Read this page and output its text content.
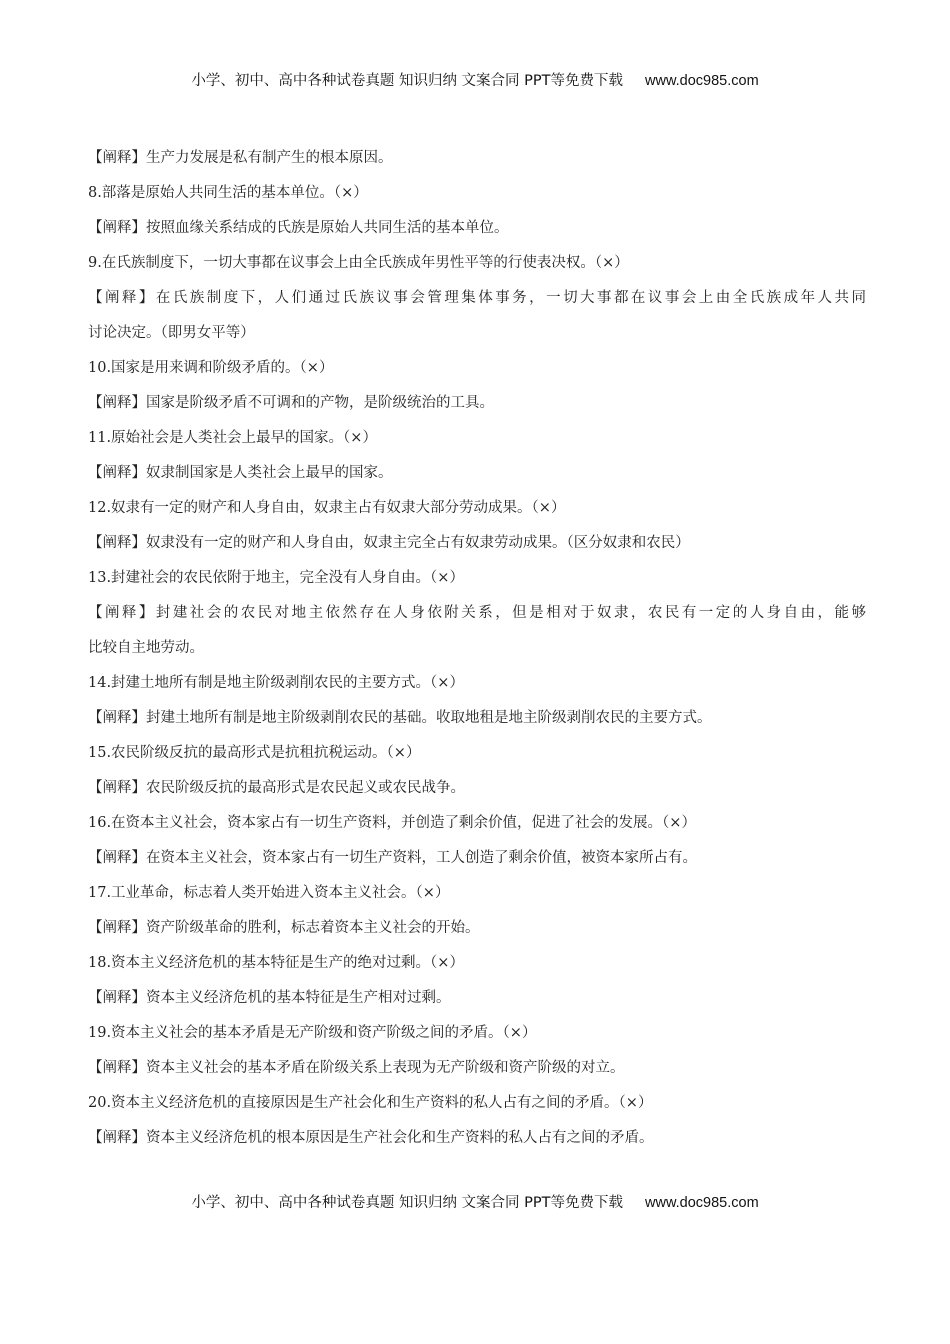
小学、初中、高中各种试卷真题 知识归纳 文案合同 PPT等免费下载 www.doc985.com
【阐释】生产力发展是私有制产生的根本原因。
8.部落是原始人共同生活的基本单位。（×）
【阐释】按照血缘关系结成的氏族是原始人共同生活的基本单位。
9.在氏族制度下，一切大事都在议事会上由全氏族成年男性平等的行使表决权。（×）
【阐释】在氏族制度下，人们通过氏族议事会管理集体事务，一切大事都在议事会上由全氏族成年人共同
讨论决定。（即男女平等）
10.国家是用来调和阶级矛盾的。（×）
【阐释】国家是阶级矛盾不可调和的产物，是阶级统治的工具。
11.原始社会是人类社会上最早的国家。（×）
【阐释】奴隶制国家是人类社会上最早的国家。
12.奴隶有一定的财产和人身自由，奴隶主占有奴隶大部分劳动成果。（×）
【阐释】奴隶没有一定的财产和人身自由，奴隶主完全占有奴隶劳动成果。（区分奴隶和农民）
13.封建社会的农民依附于地主，完全没有人身自由。（×）
【阐释】封建社会的农民对地主依然存在人身依附关系，但是相对于奴隶，农民有一定的人身自由，能够
比较自主地劳动。
14.封建土地所有制是地主阶级剥削农民的主要方式。（×）
【阐释】封建土地所有制是地主阶级剥削农民的基础。收取地租是地主阶级剥削农民的主要方式。
15.农民阶级反抗的最高形式是抗租抗税运动。（×）
【阐释】农民阶级反抗的最高形式是农民起义或农民战争。
16.在资本主义社会，资本家占有一切生产资料，并创造了剩余价值，促进了社会的发展。（×）
【阐释】在资本主义社会，资本家占有一切生产资料，工人创造了剩余价值，被资本家所占有。
17.工业革命，标志着人类开始进入资本主义社会。（×）
【阐释】资产阶级革命的胜利，标志着资本主义社会的开始。
18.资本主义经济危机的基本特征是生产的绝对过剩。（×）
【阐释】资本主义经济危机的基本特征是生产相对过剩。
19.资本主义社会的基本矛盾是无产阶级和资产阶级之间的矛盾。（×）
【阐释】资本主义社会的基本矛盾在阶级关系上表现为无产阶级和资产阶级的对立。
20.资本主义经济危机的直接原因是生产社会化和生产资料的私人占有之间的矛盾。（×）
【阐释】资本主义经济危机的根本原因是生产社会化和生产资料的私人占有之间的矛盾。
小学、初中、高中各种试卷真题 知识归纳 文案合同 PPT等免费下载 www.doc985.com
